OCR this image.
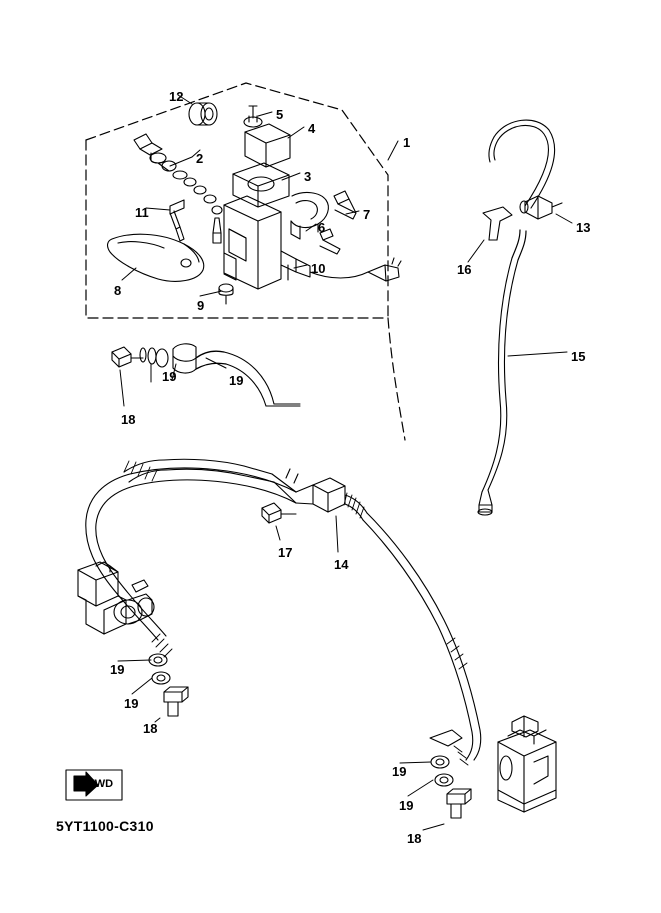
FWD
5YT1100-C310
1
2
3
4
5
6
7
8
9
10
11
12
13
14
15
16
17
18
18
18
19
19
19
19
19
19
